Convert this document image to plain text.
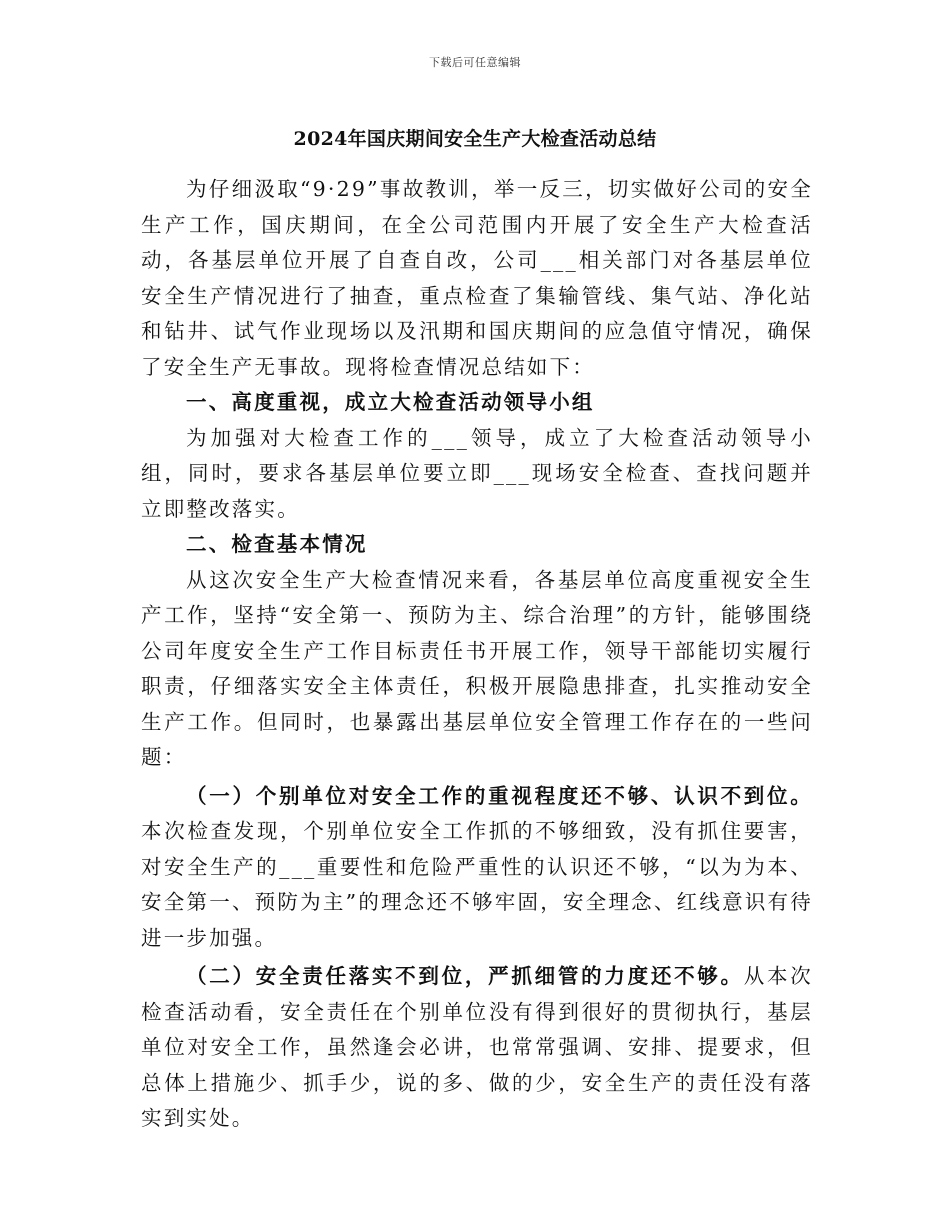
下载后可任意编辑
2024年国庆期间安全生产大检查活动总结

为仔细汲取“9·29”事故教训，举一反三，切实做好公司的安全生产工作，国庆期间，在全公司范围内开展了安全生产大检查活动，各基层单位开展了自查自改，公司___相关部门对各基层单位安全生产情况进行了抽查，重点检查了集输管线、集气站、净化站和钻井、试气作业现场以及汛期和国庆期间的应急值守情况，确保了安全生产无事故。现将检查情况总结如下：

一、高度重视，成立大检查活动领导小组

为加强对大检查工作的___领导，成立了大检查活动领导小组，同时，要求各基层单位要立即___现场安全检查、查找问题并立即整改落实。

二、检查基本情况

从这次安全生产大检查情况来看，各基层单位高度重视安全生产工作，坚持“安全第一、预防为主、综合治理”的方针，能够围绕公司年度安全生产工作目标责任书开展工作，领导干部能切实履行职责，仔细落实安全主体责任，积极开展隐患排查，扎实推动安全生产工作。但同时，也暴露出基层单位安全管理工作存在的一些问题：

（一）个别单位对安全工作的重视程度还不够、认识不到位。本次检查发现，个别单位安全工作抓的不够细致，没有抓住要害，对安全生产的___重要性和危险严重性的认识还不够，“以为为本、安全第一、预防为主”的理念还不够牢固，安全理念、红线意识有待进一步加强。

（二）安全责任落实不到位，严抓细管的力度还不够。从本次检查活动看，安全责任在个别单位没有得到很好的贯彻执行，基层单位对安全工作，虽然逢会必讲，也常常强调、安排、提要求，但总体上措施少、抓手少，说的多、做的少，安全生产的责任没有落实到实处。
